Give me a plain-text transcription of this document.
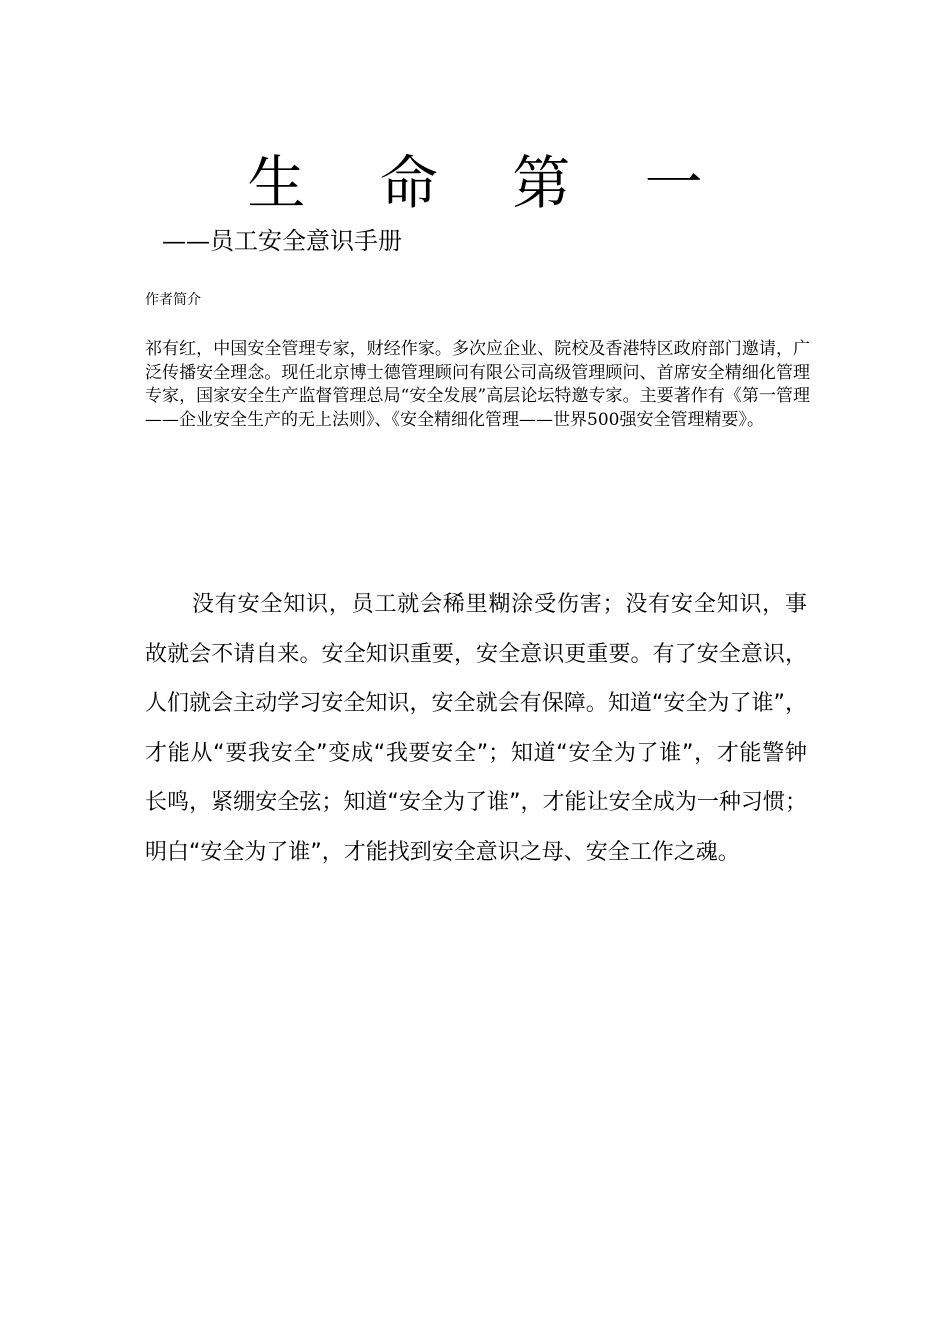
生 命 第 一
——员工安全意识手册
作者简介

祁有红，中国安全管理专家，财经作家。多次应企业、院校及香港特区政府部门邀请，广泛传播安全理念。现任北京博士德管理顾问有限公司高级管理顾问、首席安全精细化管理专家，国家安全生产监督管理总局“安全发展”高层论坛特邀专家。主要著作有《第一管理——企业安全生产的无上法则》、《安全精细化管理——世界500强安全管理精要》。

没有安全知识，员工就会稀里糊涂受伤害；没有安全知识，事故就会不请自来。安全知识重要，安全意识更重要。有了安全意识，人们就会主动学习安全知识，安全就会有保障。知道“安全为了谁”，才能从“要我安全”变成“我要安全”；知道“安全为了谁”，才能警钟长鸣，紧绷安全弦；知道“安全为了谁”，才能让安全成为一种习惯；明白“安全为了谁”，才能找到安全意识之母、安全工作之魂。
